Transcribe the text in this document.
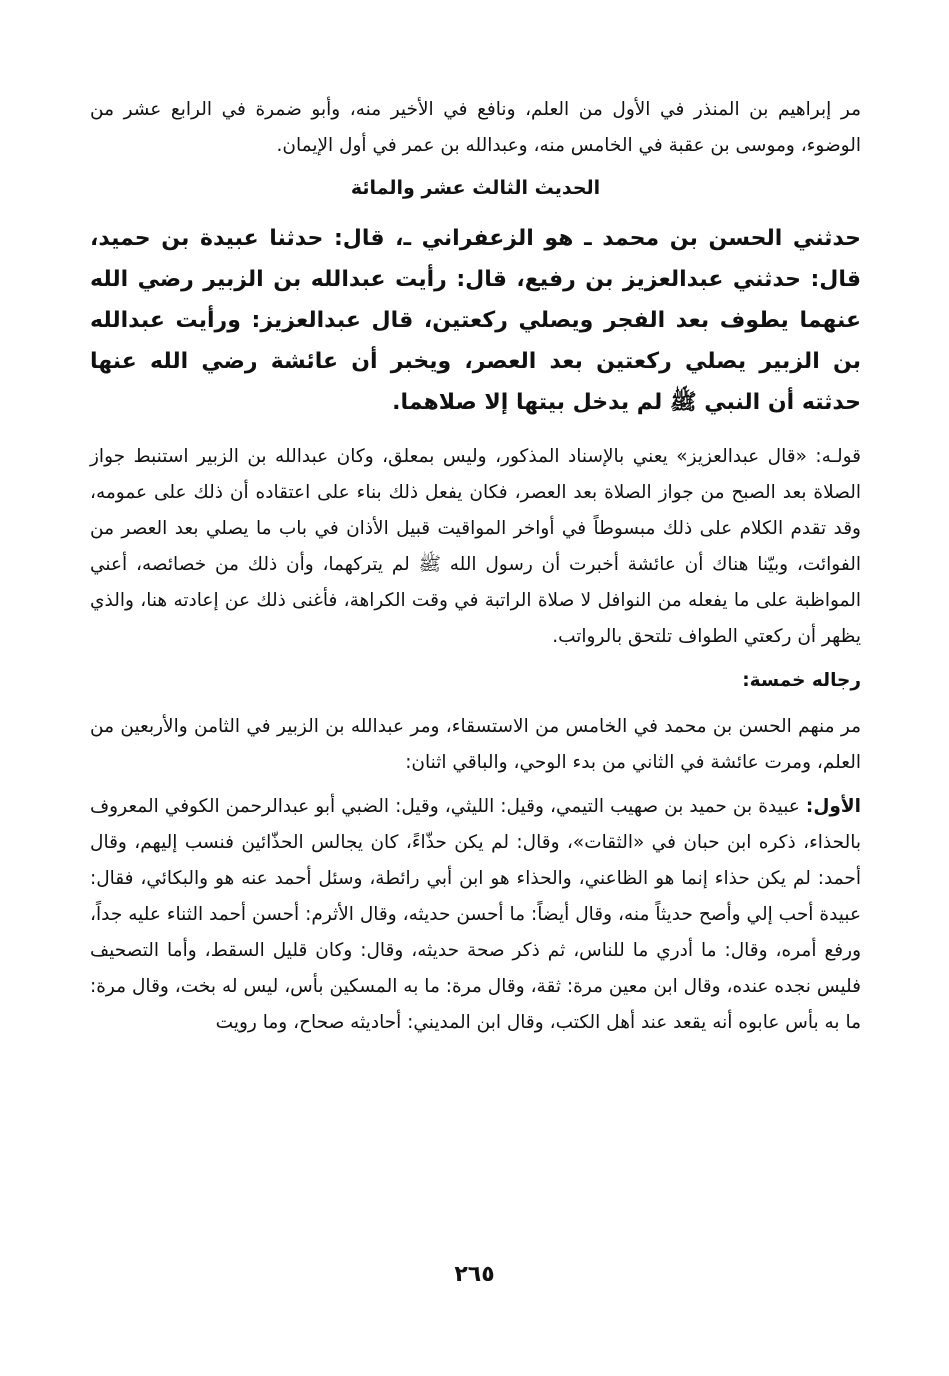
مر إبراهيم بن المنذر في الأول من العلم، ونافع في الأخير منه، وأبو ضمرة في الرابع عشر من الوضوء، وموسى بن عقبة في الخامس منه، وعبدالله بن عمر في أول الإيمان.

الحديث الثالث عشر والمائة

حدثني الحسن بن محمد ـ هو الزعفراني ـ، قال: حدثنا عبيدة بن حميد، قال: حدثني عبدالعزيز بن رفيع، قال: رأيت عبدالله بن الزبير رضي الله عنهما يطوف بعد الفجر ويصلي ركعتين، قال عبدالعزيز: ورأيت عبدالله بن الزبير يصلي ركعتين بعد العصر، ويخبر أن عائشة رضي الله عنها حدثته أن النبي ﷺ لم يدخل بيتها إلا صلاهما.

قولـه: «قال عبدالعزيز» يعني بالإسناد المذكور، وليس بمعلق، وكان عبدالله بن الزبير استنبط جواز الصلاة بعد الصبح من جواز الصلاة بعد العصر، فكان يفعل ذلك بناء على اعتقاده أن ذلك على عمومه، وقد تقدم الكلام على ذلك مبسوطاً في أواخر المواقيت قبيل الأذان في باب ما يصلي بعد العصر من الفوائت، وبيّنا هناك أن عائشة أخبرت أن رسول الله ﷺ لم يتركهما، وأن ذلك من خصائصه، أعني المواظبة على ما يفعله من النوافل لا صلاة الراتبة في وقت الكراهة، فأغنى ذلك عن إعادته هنا، والذي يظهر أن ركعتي الطواف تلتحق بالرواتب.

رجاله خمسة:

مر منهم الحسن بن محمد في الخامس من الاستسقاء، ومر عبدالله بن الزبير في الثامن والأربعين من العلم، ومرت عائشة في الثاني من بدء الوحي، والباقي اثنان:

الأول: عبيدة بن حميد بن صهيب التيمي، وقيل: الليثي، وقيل: الضبي أبو عبدالرحمن الكوفي المعروف بالحذاء، ذكره ابن حبان في «الثقات»، وقال: لم يكن حذّاءً، كان يجالس الحذّائين فنسب إليهم، وقال أحمد: لم يكن حذاء إنما هو الظاعني، والحذاء هو ابن أبي رائطة، وسئل أحمد عنه هو والبكائي، فقال: عبيدة أحب إلي وأصح حديثاً منه، وقال أيضاً: ما أحسن حديثه، وقال الأثرم: أحسن أحمد الثناء عليه جداً، ورفع أمره، وقال: ما أدري ما للناس، ثم ذكر صحة حديثه، وقال: وكان قليل السقط، وأما التصحيف فليس نجده عنده، وقال ابن معين مرة: ثقة، وقال مرة: ما به المسكين بأس، ليس له بخت، وقال مرة: ما به بأس عابوه أنه يقعد عند أهل الكتب، وقال ابن المديني: أحاديثه صحاح، وما رويت

٢٦٥
